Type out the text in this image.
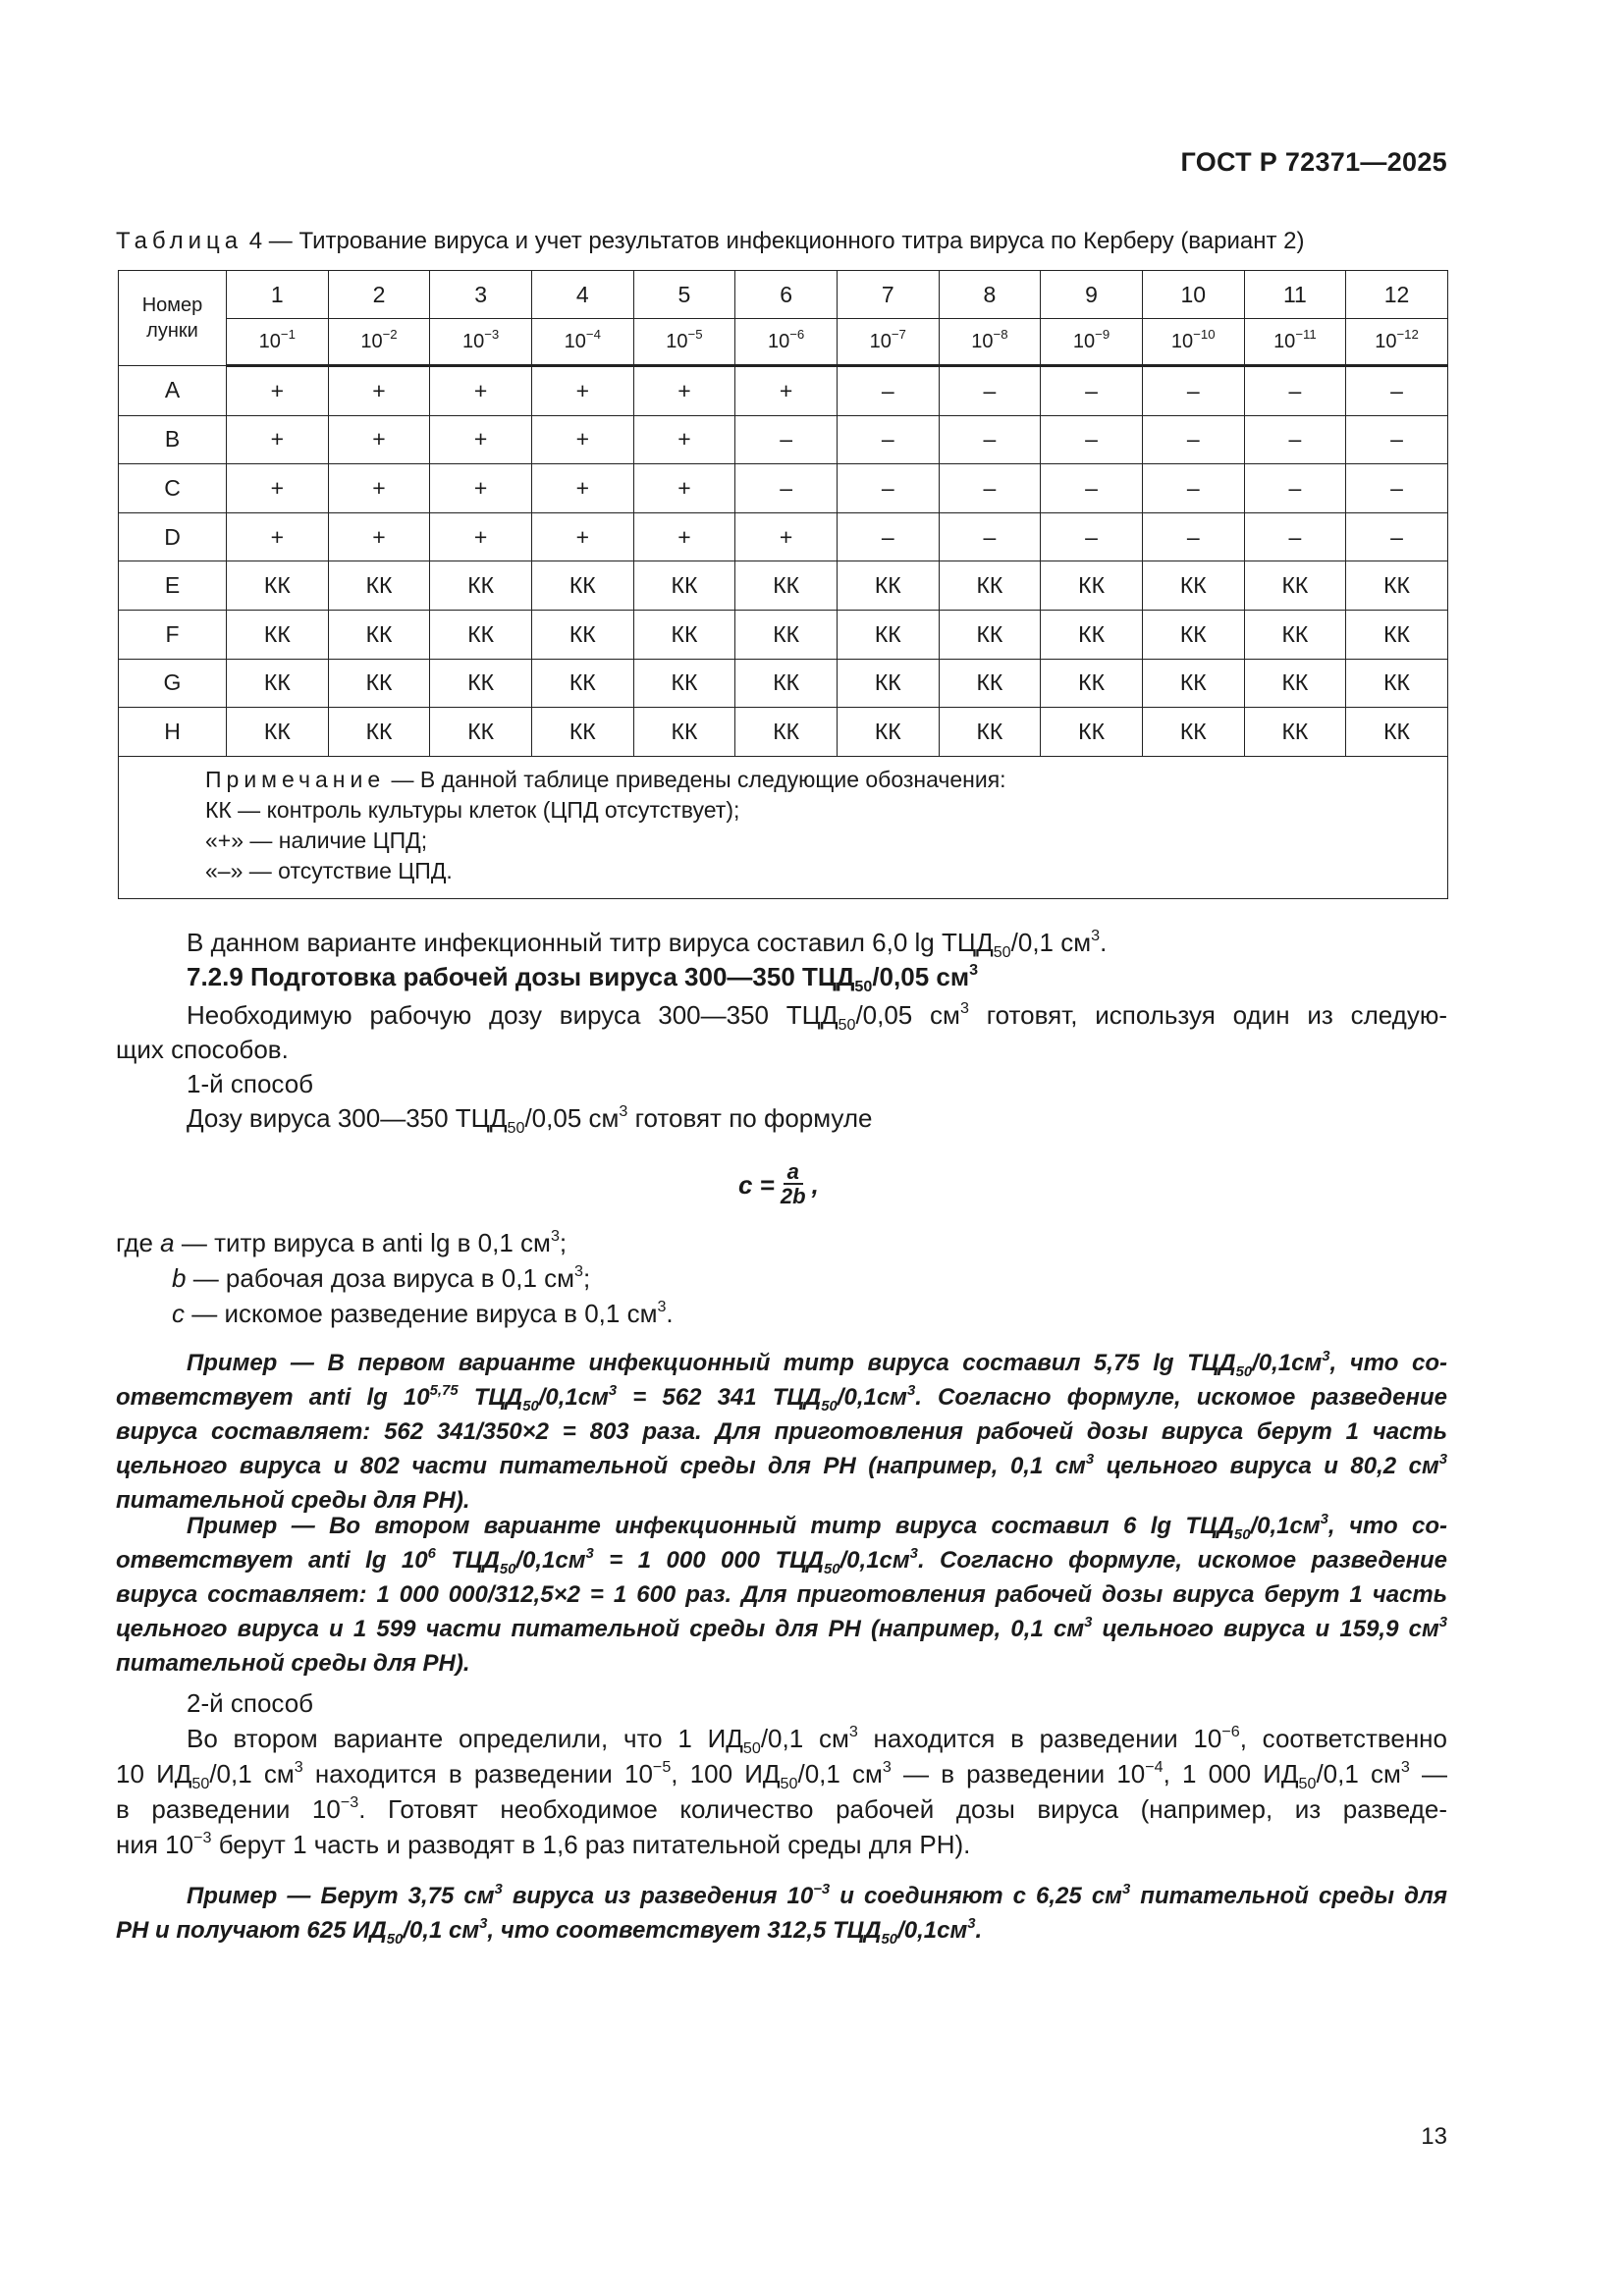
ГОСТ Р 72371—2025
Таблица 4 — Титрование вируса и учет результатов инфекционного титра вируса по Керберу (вариант 2)
Номер
лунки	1	2	3	4	5	6	7	8	9	10	11	12
	$10^{-1}$	$10^{-2}$	$10^{-3}$	$10^{-4}$	$10^{-5}$	$10^{-6}$	$10^{-7}$	$10^{-8}$	$10^{-9}$	$10^{-10}$	$10^{-11}$	$10^{-12}$
A	+	+	+	+	+	+	–	–	–	–	–	–
B	+	+	+	+	+	–	–	–	–	–	–	–
C	+	+	+	+	+	–	–	–	–	–	–	–
D	+	+	+	+	+	+	–	–	–	–	–	–
E	КК	КК	КК	КК	КК	КК	КК	КК	КК	КК	КК	КК
F	КК	КК	КК	КК	КК	КК	КК	КК	КК	КК	КК	КК
G	КК	КК	КК	КК	КК	КК	КК	КК	КК	КК	КК	КК
H	КК	КК	КК	КК	КК	КК	КК	КК	КК	КК	КК	КК

Примечание — В данной таблице приведены следующие обозначения:
КК — контроль культуры клеток (ЦПД отсутствует);
«+» — наличие ЦПД;
«–» — отсутствие ЦПД.												
В данном варианте инфекционный титр вируса составил 6,0 $\lg ТЦД_{50}/0,1$ $см^3$.
7.2.9 Подготовка рабочей дозы вируса 300—350 $ТЦД_{50}/0,05$ $см^3$
Необходимую рабочую дозу вируса 300—350 $ТЦД_{50}/0,05$ $см^3$ готовят, используя один из следую-
щих способов.
1-й способ
Дозу вируса 300—350 $ТЦД_{50}/0,05$ $см^3$ готовят по формуле
$c = \frac{a}{2b}$ ,
где a — титр вируса в anti lg в 0,1 $см^3$;
b — рабочая доза вируса в 0,1 $см^3$;
c — искомое разведение вируса в 0,1 $см^3$.
Пример — В первом варианте инфекционный титр вируса составил 5,75 $\lg ТЦД_{50}/0,1см^3$, что со-
ответствует anti lg 10$^{5,75}$ $ТЦД_{50}/0,1см^3 = 562$ 341 $ТЦД_{50}/0,1см^3$. Согласно формуле, искомое разведение
вируса составляет: 562 341/350×2 = 803 раза. Для приготовления рабочей дозы вируса берут 1 часть
цельного вируса и 802 части питательной среды для РН (например, 0,1 $см^3$ цельного вируса и 80,2 $см^3$
питательной среды для РН).
Пример — Во втором варианте инфекционный титр вируса составил 6 $\lg ТЦД_{50}/0,1см^3$, что со-
ответствует anti $\lg 10^6$ $ТЦД_{50}/0,1см^3 = 1$ 000 000 $ТЦД_{50}/0,1см^3$. Согласно формуле, искомое разведение
вируса составляет: 1 000 000/312,5×2 = 1 600 раз. Для приготовления рабочей дозы вируса берут 1 часть
цельного вируса и 1 599 части питательной среды для РН (например, 0,1 $см^3$ цельного вируса и 159,9 $см^3$
питательной среды для РН).
2-й способ
Во втором варианте определили, что 1 $ИД_{50}/0,1$ $см^3$ находится в разведении $10^{-6}$, соответственно
10 $ИД_{50}/0,1$ $см^3$ находится в разведении $10^{-5}$, 100 $ИД_{50}/0,1$ $см^3$ — в разведении $10^{-4}$, 1 000 $ИД_{50}/0,1$ $см^3$ —
в разведении $10^{-3}$. Готовят необходимое количество рабочей дозы вируса (например, из разведе-
ния $10^{-3}$ берут 1 часть и разводят в 1,6 раз питательной среды для РН).
Пример — Берут 3,75 $см^3$ вируса из разведения $10^{-3}$ и соединяют с 6,25 $см^3$ питательной среды для
РН и получают 625 $ИД_{50}/0,1$ $см^3$, что соответствует 312,5 $ТЦД_{50}/0,1см^3$.
13
